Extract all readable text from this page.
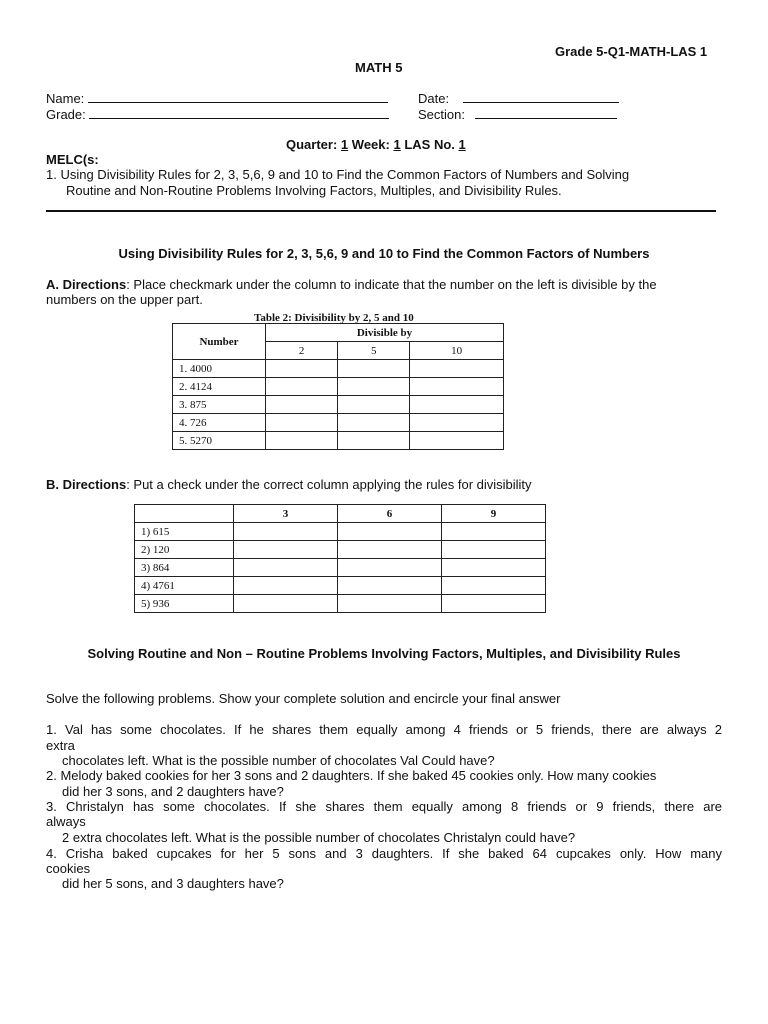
Grade 5-Q1-MATH-LAS 1
MATH 5
Name:	Date:
Grade:	Section:
Quarter: 1 Week: 1 LAS No. 1
MELC(s:
1. Using Divisibility Rules for 2, 3, 5,6, 9 and 10 to Find the Common Factors of Numbers and Solving
Routine and Non-Routine Problems Involving Factors, Multiples, and Divisibility Rules.
Using Divisibility Rules for 2, 3, 5,6, 9 and 10 to Find the Common Factors of Numbers
A. Directions: Place checkmark under the column to indicate that the number on the left is divisible by the
numbers on the upper part.
Table 2: Divisibility by 2, 5 and 10
Number	Divisible by		
	2	5	10
1. 4000			
2. 4124			
3. 875			
4. 726			
5. 5270			
B. Directions: Put a check under the correct column applying the rules for divisibility
	3	6	9
1) 615			
2) 120			
3) 864			
4) 4761			
5) 936			
Solving Routine and Non – Routine Problems Involving Factors, Multiples, and Divisibility Rules
Solve the following problems. Show your complete solution and encircle your final answer
1. Val has some chocolates. If he shares them equally among 4 friends or 5 friends, there are always 2
extra
chocolates left. What is the possible number of chocolates Val Could have?
2. Melody baked cookies for her 3 sons and 2 daughters. If she baked 45 cookies only. How many cookies
did her 3 sons, and 2 daughters have?
3. Christalyn has some chocolates. If she shares them equally among 8 friends or 9 friends, there are
always
2 extra chocolates left. What is the possible number of chocolates Christalyn could have?
4. Crisha baked cupcakes for her 5 sons and 3 daughters. If she baked 64 cupcakes only. How many
cookies
did her 5 sons, and 3 daughters have?
